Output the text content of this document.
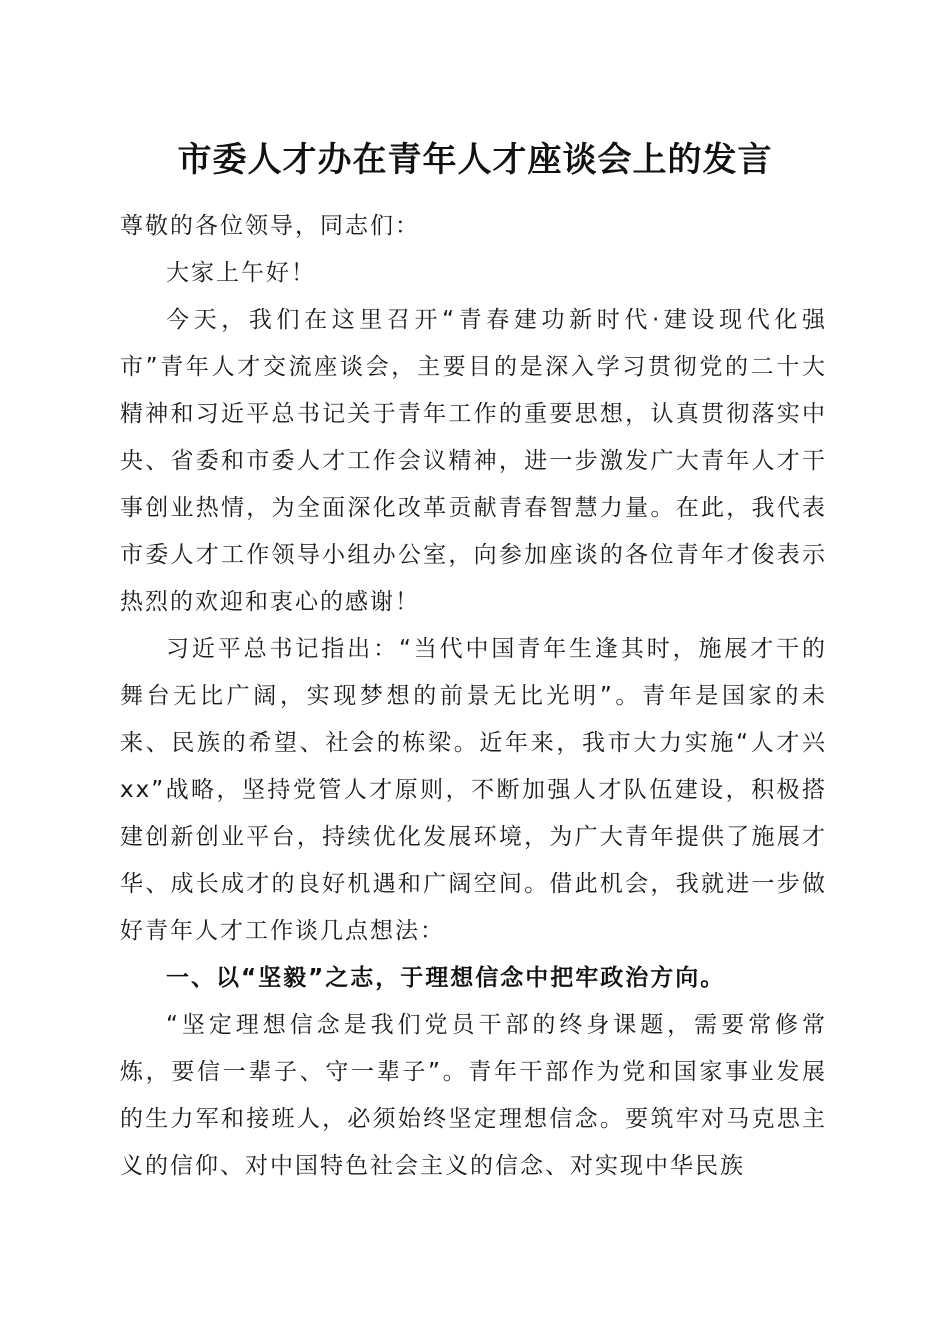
市委人才办在青年人才座谈会上的发言

尊敬的各位领导，同志们：

大家上午好！

今天，我们在这里召开“青春建功新时代·建设现代化强市”青年人才交流座谈会，主要目的是深入学习贯彻党的二十大精神和习近平总书记关于青年工作的重要思想，认真贯彻落实中央、省委和市委人才工作会议精神，进一步激发广大青年人才干事创业热情，为全面深化改革贡献青春智慧力量。在此，我代表市委人才工作领导小组办公室，向参加座谈的各位青年才俊表示热烈的欢迎和衷心的感谢！

习近平总书记指出：“当代中国青年生逢其时，施展才干的舞台无比广阔，实现梦想的前景无比光明”。青年是国家的未来、民族的希望、社会的栋梁。近年来，我市大力实施“人才兴xx”战略，坚持党管人才原则，不断加强人才队伍建设，积极搭建创新创业平台，持续优化发展环境，为广大青年提供了施展才华、成长成才的良好机遇和广阔空间。借此机会，我就进一步做好青年人才工作谈几点想法：

一、以“坚毅”之志，于理想信念中把牢政治方向。

“坚定理想信念是我们党员干部的终身课题，需要常修常炼，要信一辈子、守一辈子”。青年干部作为党和国家事业发展的生力军和接班人，必须始终坚定理想信念。要筑牢对马克思主义的信仰、对中国特色社会主义的信念、对实现中华民族
